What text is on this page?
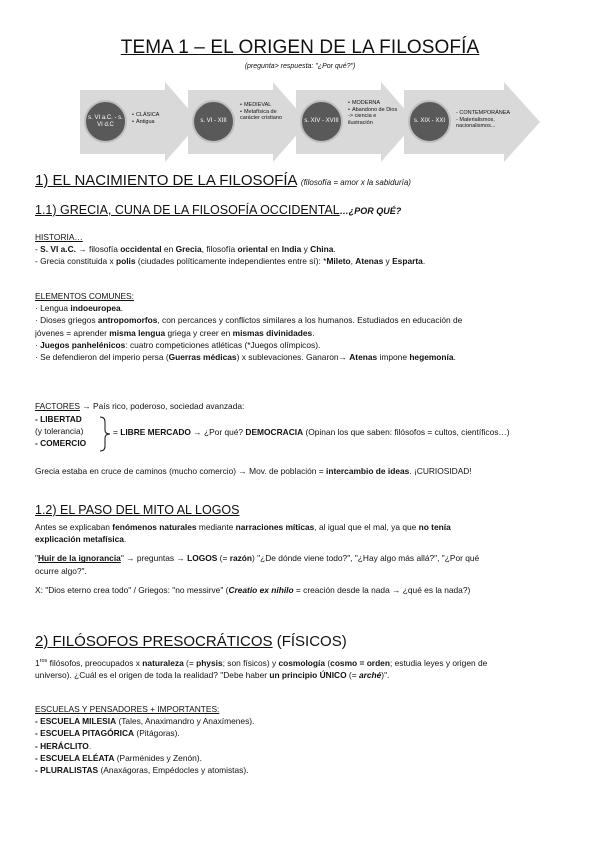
TEMA 1 – EL ORIGEN DE LA FILOSOFÍA
(pregunta> respuesta: "¿Por qué?")
s. VI a.C. - s. VI d.C
• CLÁSICA
• Antigua	s. VI - XIII
• MEDIEVAL
• Metafísica de carácter cristiano	s. XIV - XVIII
• MODERNA
• Abandono de Dios -> ciencia e ilustración	s. XIX - XXI
- CONTEMPORÁNEA
- Materialismos, nacionalismos...
1) EL NACIMIENTO DE LA FILOSOFÍA (filosofía = amor x la sabiduría)
1.1) GRECIA, CUNA DE LA FILOSOFÍA OCCIDENTAL…¿POR QUÉ?

HISTORIA…

- S. VI a.C. → filosofía occidental en Grecia, filosofía oriental en India y China.

- Grecia constituida x polis (ciudades políticamente independientes entre sí): *Mileto, Atenas y Esparta.

ELEMENTOS COMUNES:

· Lengua indoeuropea.

· Dioses griegos antropomorfos, con percances y conflictos similares a los humanos. Estudiados en educación de

jóvenes = aprender misma lengua griega y creer en mismas divinidades.

· Juegos panhelénicos: cuatro competiciones atléticas (*Juegos olímpicos).

· Se defendieron del imperio persa (Guerras médicas) x sublevaciones. Ganaron→ Atenas impone hegemonía.

FACTORES → País rico, poderoso, sociedad avanzada:

- LIBERTAD

(y tolerancia)

- COMERCIO

= LIBRE MERCADO → ¿Por qué? DEMOCRACIA (Opinan los que saben: filósofos = cultos, científicos…)

Grecia estaba en cruce de caminos (mucho comercio) → Mov. de población = intercambio de ideas. ¡CURIOSIDAD!

1.2) EL PASO DEL MITO AL LOGOS

Antes se explicaban fenómenos naturales mediante narraciones míticas, al igual que el mal, ya que no tenía
explicación metafísica.

"Huir de la ignorancia" → preguntas → LOGOS (= razón) "¿De dónde viene todo?", "¿Hay algo más allá?", "¿Por qué
ocurre algo?".

X: "Dios eterno crea todo" / Griegos: "no messirve" (Creatio ex nihilo = creación desde la nada → ¿qué es la nada?)

2) FILÓSOFOS PRESOCRÁTICOS (FÍSICOS)

$1^{ros}$ filósofos, preocupados x naturaleza (= physis; son físicos) y cosmología (cosmo = orden; estudia leyes y origen de
universo). ¿Cuál es el origen de toda la realidad? "Debe haber un principio ÚNICO (= arché)".

ESCUELAS Y PENSADORES + IMPORTANTES:

- ESCUELA MILESIA (Tales, Anaximandro y Anaxímenes).

- ESCUELA PITAGÓRICA (Pitágoras).

- HERÁCLITO.

- ESCUELA ELÉATA (Parménides y Zenón).

- PLURALISTAS (Anaxágoras, Empédocles y atomistas).
